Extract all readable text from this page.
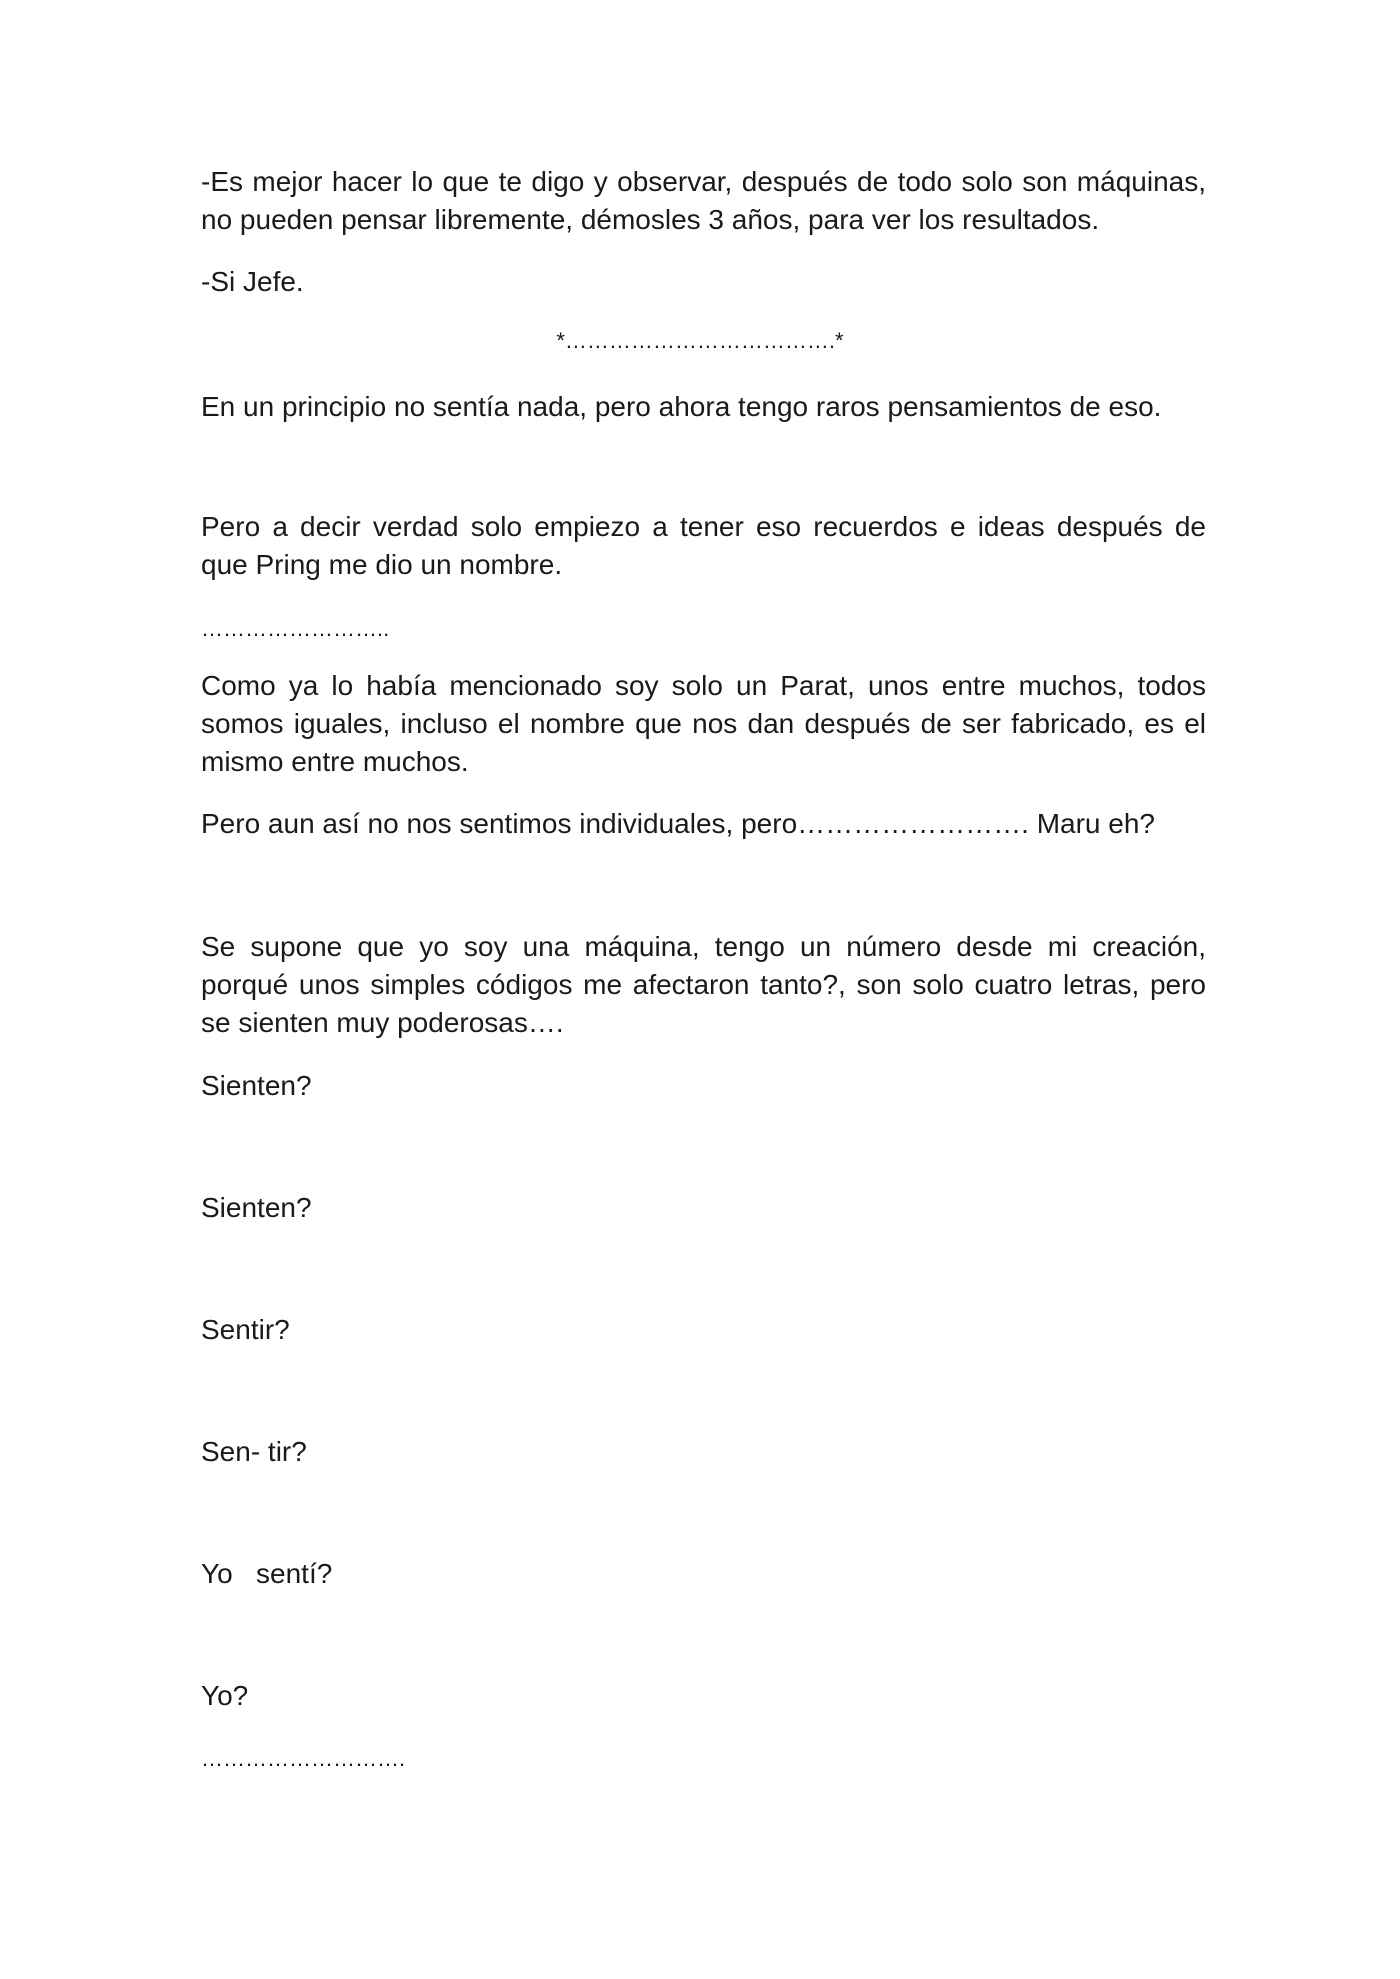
-Es mejor hacer lo que te digo y observar, después de todo solo son máquinas,

no pueden pensar libremente, démosles 3 años, para ver los resultados.

-Si Jefe.

*……………………………….*

En un principio no sentía nada, pero ahora tengo raros pensamientos de eso.

Pero a decir verdad solo empiezo a tener eso recuerdos e ideas después de

que Pring me dio un nombre.

……………………..

Como ya lo había mencionado soy solo un Parat, unos entre muchos, todos

somos iguales, incluso el nombre que nos dan después de ser fabricado, es el

mismo entre muchos.

Pero aun así no nos sentimos individuales, pero……………………. Maru eh?

Se supone que yo soy una máquina, tengo un número desde mi creación,

porqué unos simples códigos me afectaron tanto?, son solo cuatro letras, pero

se sienten muy poderosas….

Sienten?

Sienten?

Sentir?

Sen- tir?

Yo   sentí?

Yo?

……………………….
